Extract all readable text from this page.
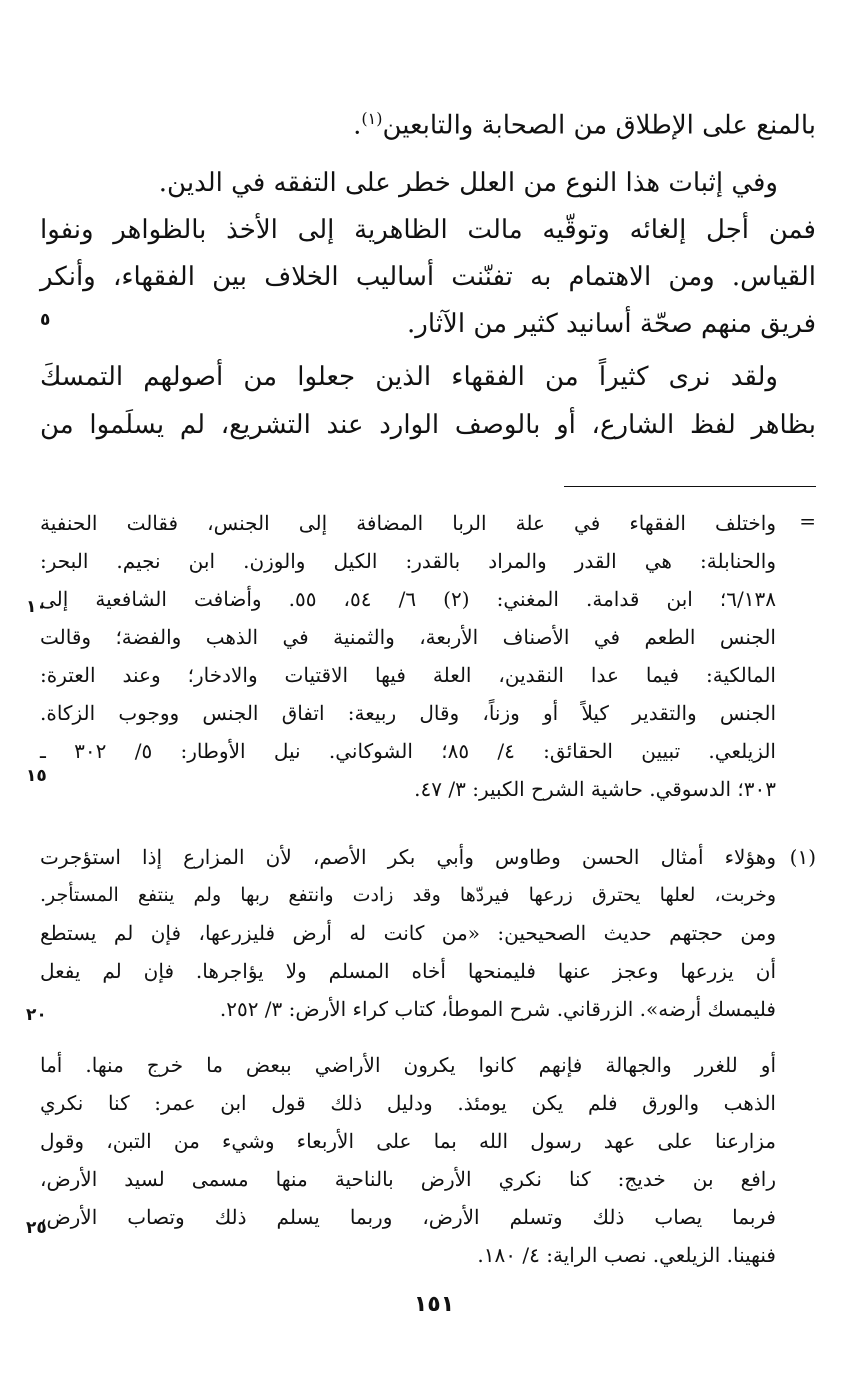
بالمنع على الإطلاق من الصحابة والتابعين$^{(١)}$.
وفي إثبات هذا النوع من العلل خطر على التفقه في الدين.
فمن أجل إلغائه وتوقّيه مالت الظاهرية إلى الأخذ بالظواهر ونفوا
القياس. ومن الاهتمام به تفنّنت أساليب الخلاف بين الفقهاء، وأنكر
فريق منهم صحّة أسانيد كثير من الآثار.
ولقد نرى كثيراً من الفقهاء الذين جعلوا من أصولهم التمسكَ
بظاهر لفظ الشارع، أو بالوصف الوارد عند التشريع، لم يسلَموا من
=
واختلف الفقهاء في علة الربا المضافة إلى الجنس، فقالت الحنفية
والحنابلة: هي القدر والمراد بالقدر: الكيل والوزن. ابن نجيم. البحر:
٦/١٣٨؛ ابن قدامة. المغني: (٢) ٦/ ٥٤، ٥٥. وأضافت الشافعية إلى
الجنس الطعم في الأصناف الأربعة، والثمنية في الذهب والفضة؛ وقالت
المالكية: فيما عدا النقدين، العلة فيها الاقتيات والادخار؛ وعند العترة:
الجنس والتقدير كيلاً أو وزناً، وقال ربيعة: اتفاق الجنس ووجوب الزكاة.
الزيلعي. تبيين الحقائق: ٤/ ٨٥؛ الشوكاني. نيل الأوطار: ٥/ ٣٠٢ ـ
٣٠٣؛ الدسوقي. حاشية الشرح الكبير: ٣/ ٤٧.
(١)
وهؤلاء أمثال الحسن وطاوس وأبي بكر الأصم، لأن المزارع إذا استؤجرت
وخربت، لعلها يحترق زرعها فيردّها وقد زادت وانتفع ربها ولم ينتفع المستأجر.
ومن حجتهم حديث الصحيحين: «من كانت له أرض فليزرعها، فإن لم يستطع
أن يزرعها وعجز عنها فليمنحها أخاه المسلم ولا يؤاجرها. فإن لم يفعل
فليمسك أرضه». الزرقاني. شرح الموطأ، كتاب كراء الأرض: ٣/ ٢٥٢.
أو للغرر والجهالة فإنهم كانوا يكرون الأراضي ببعض ما خرج منها. أما
الذهب والورق فلم يكن يومئذ. ودليل ذلك قول ابن عمر: كنا نكري
مزارعنا على عهد رسول الله بما على الأربعاء وشيء من التبن، وقول
رافع بن خديج: كنا نكري الأرض بالناحية منها مسمى لسيد الأرض،
فربما يصاب ذلك وتسلم الأرض، وربما يسلم ذلك وتصاب الأرض،
فنهينا. الزيلعي. نصب الراية: ٤/ ١٨٠.
٥
١٠
١٥
٢٠
٢٥
١٥١
